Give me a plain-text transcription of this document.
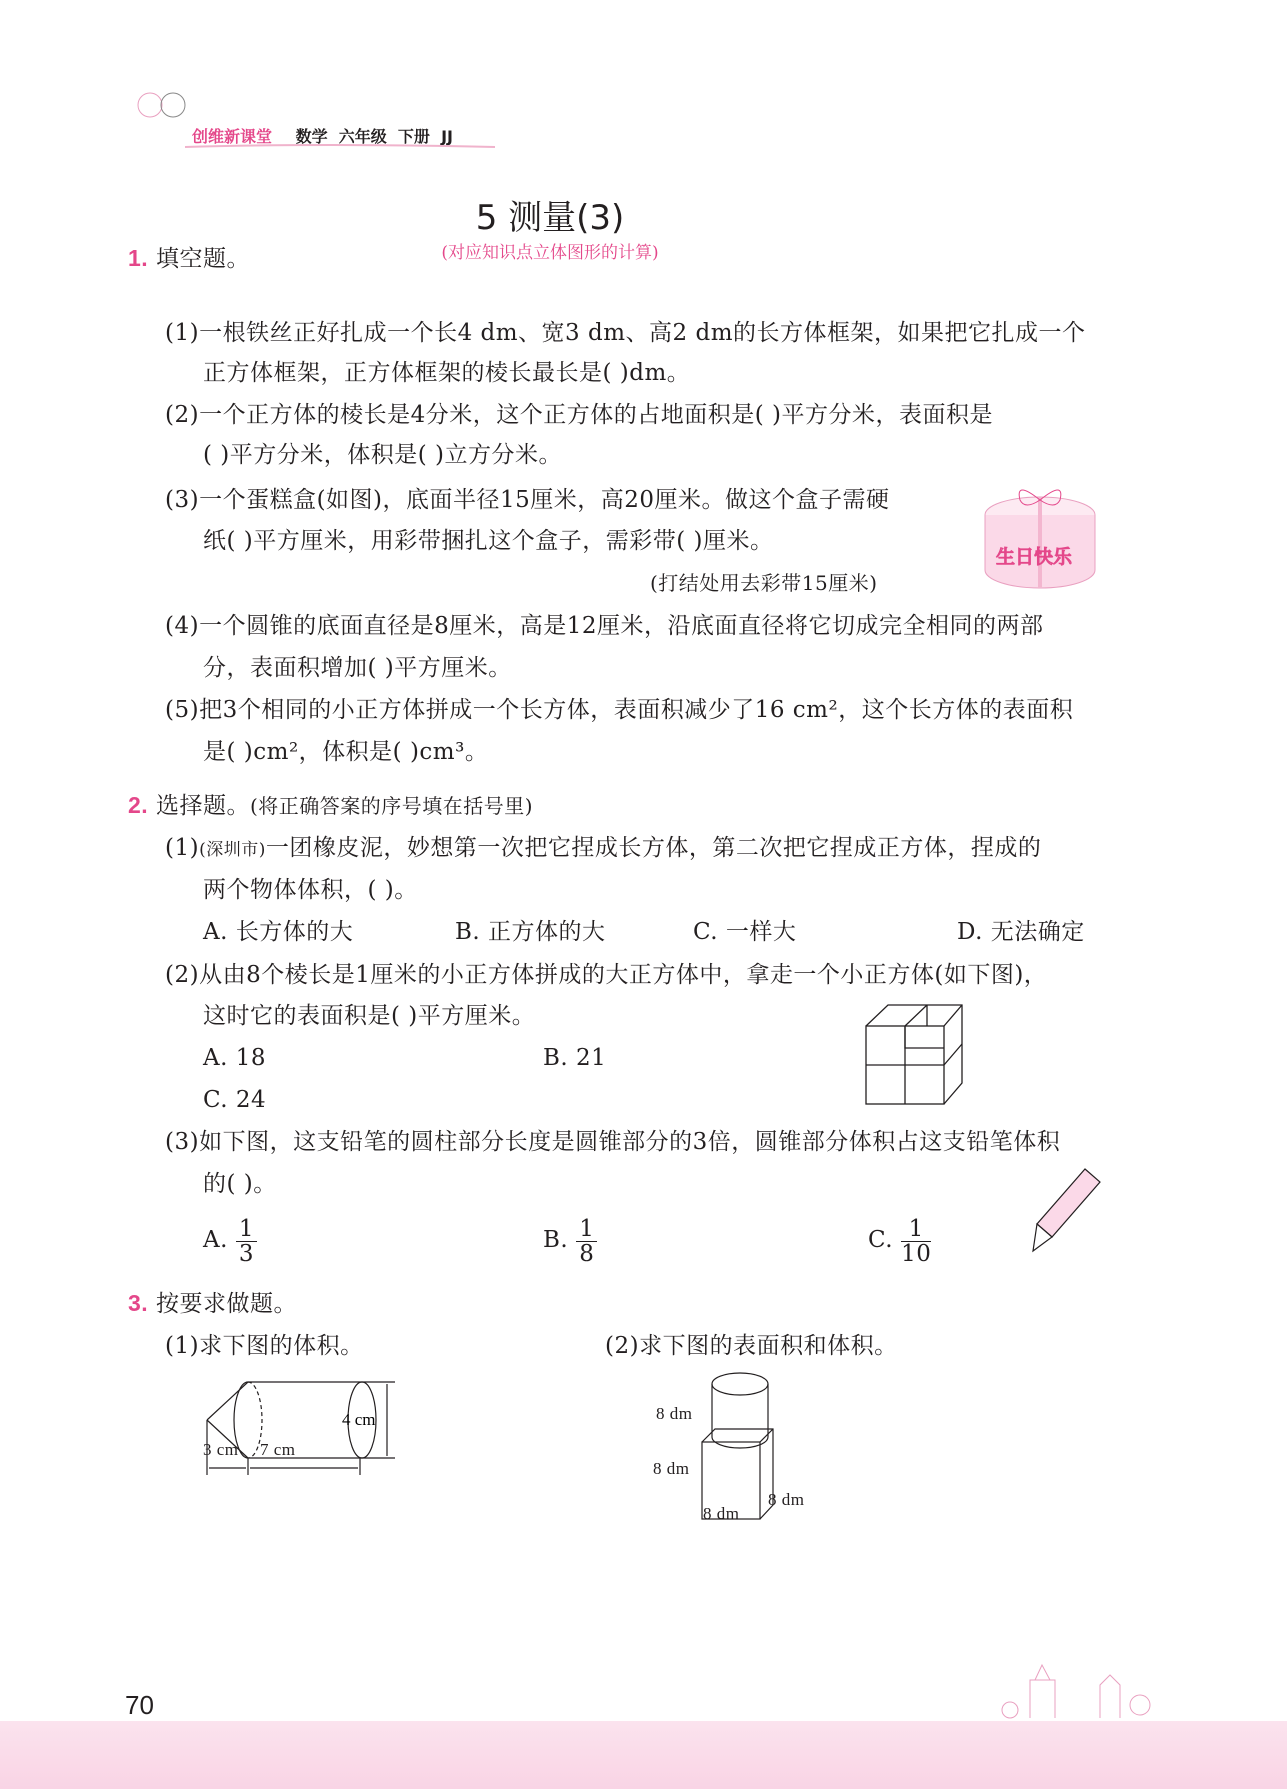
创维新课堂 数学 六年级 下册 JJ
5 测量(3)
(对应知识点立体图形的计算)
1. 填空题。
(1)一根铁丝正好扎成一个长4 dm、宽3 dm、高2 dm的长方体框架，如果把它扎成一个
正方体框架，正方体框架的棱长最长是( )dm。
(2)一个正方体的棱长是4分米，这个正方体的占地面积是( )平方分米，表面积是
( )平方分米，体积是( )立方分米。
(3)一个蛋糕盒(如图)，底面半径15厘米，高20厘米。做这个盒子需硬
纸( )平方厘米，用彩带捆扎这个盒子，需彩带( )厘米。
(打结处用去彩带15厘米)
(4)一个圆锥的底面直径是8厘米，高是12厘米，沿底面直径将它切成完全相同的两部
分，表面积增加( )平方厘米。
(5)把3个相同的小正方体拼成一个长方体，表面积减少了16 cm²，这个长方体的表面积
是( )cm²，体积是( )cm³。
生日快乐
2. 选择题。(将正确答案的序号填在括号里)
(1)(深圳市)一团橡皮泥，妙想第一次把它捏成长方体，第二次把它捏成正方体，捏成的
两个物体体积，( )。
A. 长方体的大	B. 正方体的大	C. 一样大	D. 无法确定
(2)从由8个棱长是1厘米的小正方体拼成的大正方体中，拿走一个小正方体(如下图)，
这时它的表面积是( )平方厘米。
A. 18	B. 21
C. 24
(3)如下图，这支铅笔的圆柱部分长度是圆锥部分的3倍，圆锥部分体积占这支铅笔体积
的( )。
A. $\frac{1}{3}$	B. $\frac{1}{8}$	C. $\frac{1}{10}$
3. 按要求做题。
(1)求下图的体积。	(2)求下图的表面积和体积。
4 cm
3 cm 7 cm
8 dm
8 dm
8 dm
8 dm
70
